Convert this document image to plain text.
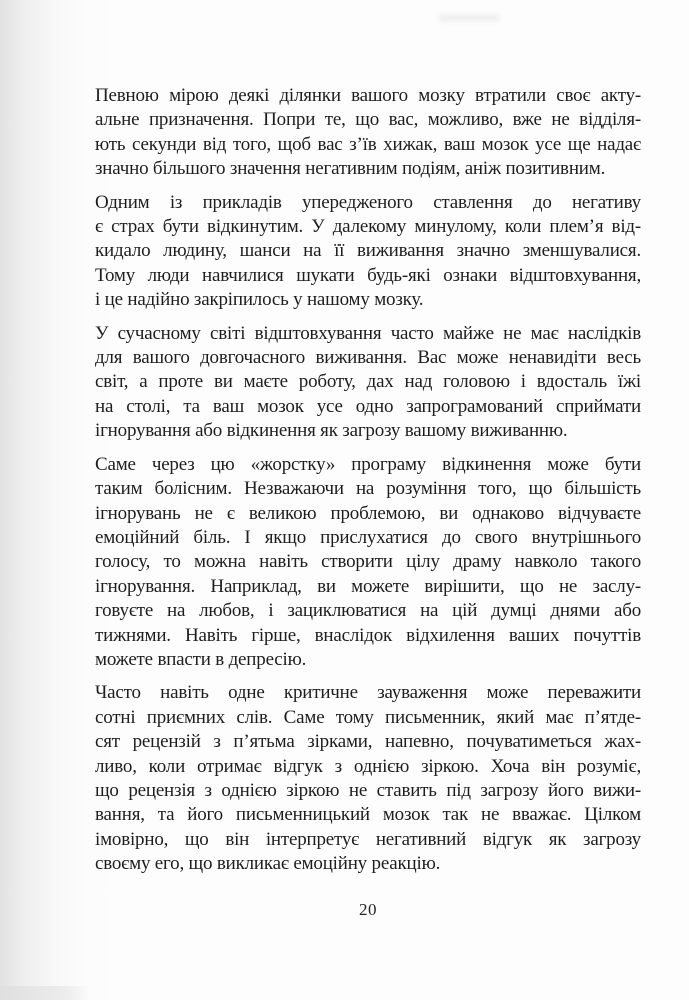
Певною мірою деякі ділянки вашого мозку втратили своє акту-
альне призначення. Попри те, що вас, можливо, вже не відділя-
ють секунди від того, щоб вас з’їв хижак, ваш мозок усе ще надає
значно більшого значення негативним подіям, аніж позитивним.

Одним із прикладів упередженого ставлення до негативу
є страх бути відкинутим. У далекому минулому, коли плем’я від-
кидало людину, шанси на її виживання значно зменшувалися.
Тому люди навчилися шукати будь-які ознаки відштовхування,
і це надійно закріпилось у нашому мозку.

У сучасному світі відштовхування часто майже не має наслідків
для вашого довгочасного виживання. Вас може ненавидіти весь
світ, а проте ви маєте роботу, дах над головою і вдосталь їжі
на столі, та ваш мозок усе одно запрограмований сприймати
ігнорування або відкинення як загрозу вашому виживанню.

Саме через цю «жорстку» програму відкинення може бути
таким болісним. Незважаючи на розуміння того, що більшість
ігнорувань не є великою проблемою, ви однаково відчуваєте
емоційний біль. І якщо прислухатися до свого внутрішнього
голосу, то можна навіть створити цілу драму навколо такого
ігнорування. Наприклад, ви можете вирішити, що не заслу-
говуєте на любов, і зациклюватися на цій думці днями або
тижнями. Навіть гірше, внаслідок відхилення ваших почуттів
можете впасти в депресію.

Часто навіть одне критичне зауваження може переважити
сотні приємних слів. Саме тому письменник, який має п’ятде-
сят рецензій з п’ятьма зірками, напевно, почуватиметься жах-
ливо, коли отримає відгук з однією зіркою. Хоча він розуміє,
що рецензія з однією зіркою не ставить під загрозу його вижи-
вання, та його письменницький мозок так не вважає. Цілком
імовірно, що він інтерпретує негативний відгук як загрозу
своєму его, що викликає емоційну реакцію.

20
